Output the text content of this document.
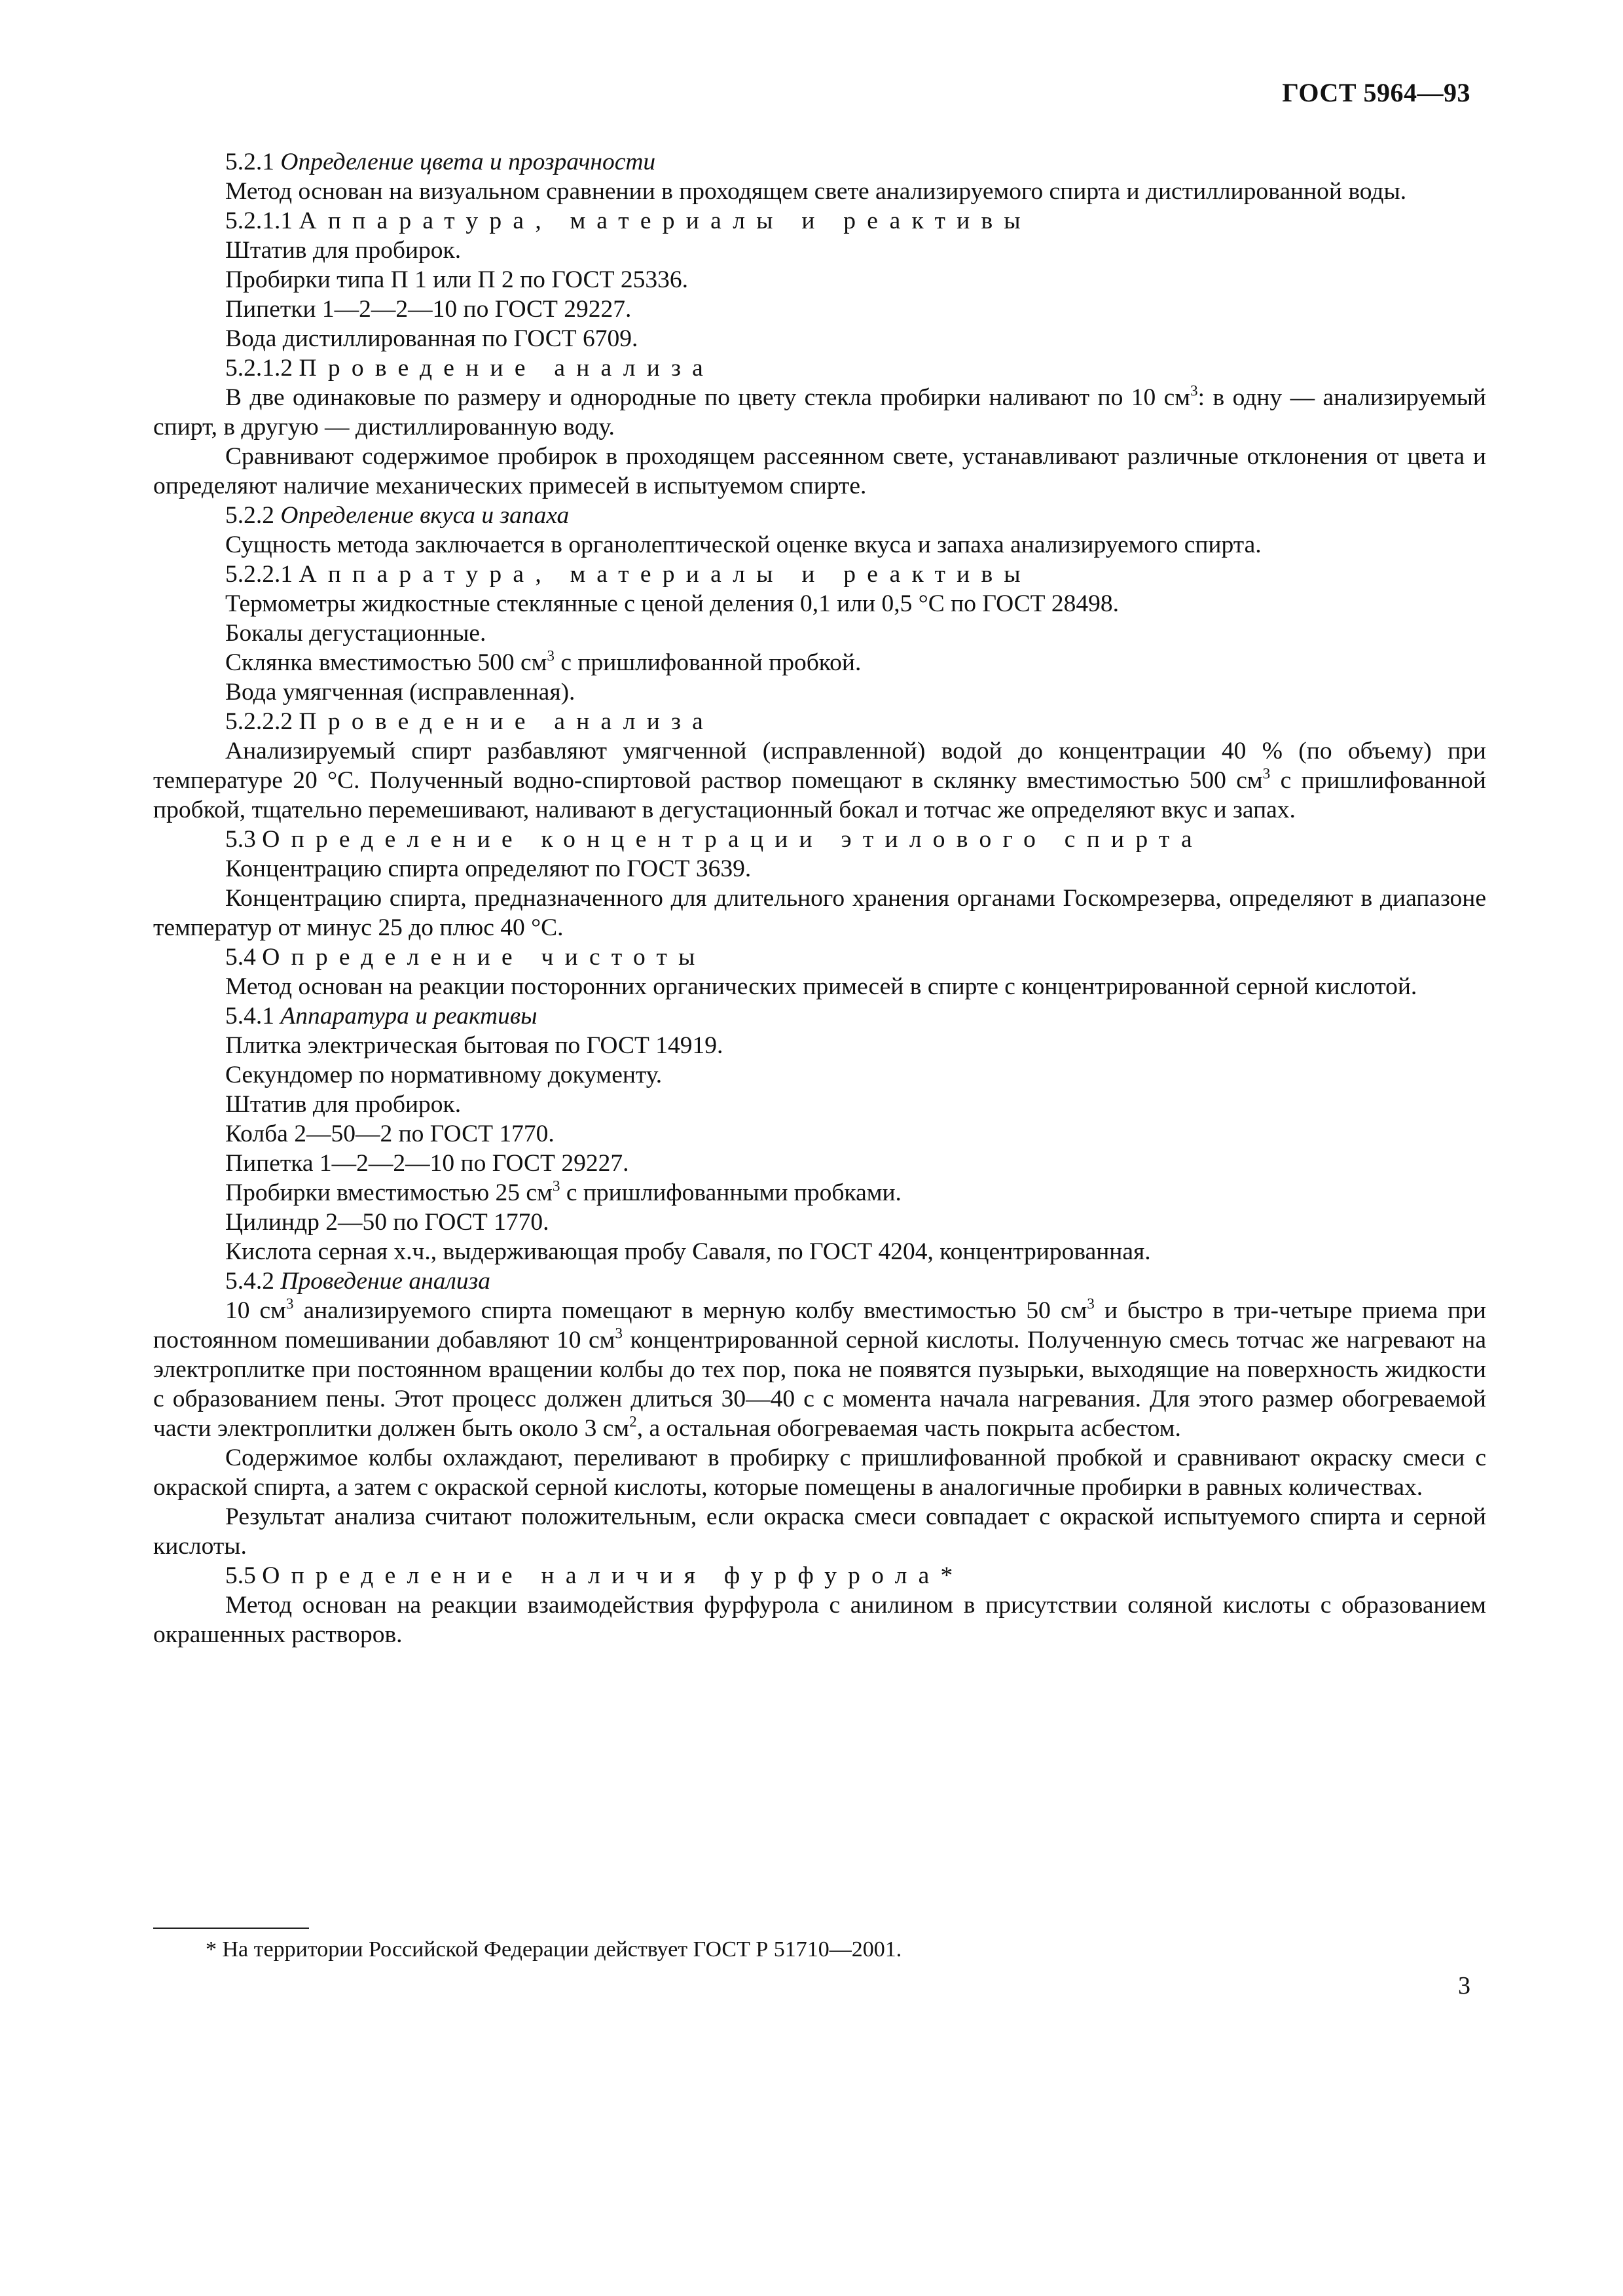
ГОСТ 5964—93

5.2.1 Определение цвета и прозрачности

Метод основан на визуальном сравнении в проходящем свете анализируемого спирта и дистиллированной воды.

5.2.1.1 Аппаратура, материалы и реактивы

Штатив для пробирок.

Пробирки типа П 1 или П 2 по ГОСТ 25336.

Пипетки 1—2—2—10 по ГОСТ 29227.

Вода дистиллированная по ГОСТ 6709.

5.2.1.2 Проведение анализа

В две одинаковые по размеру и однородные по цвету стекла пробирки наливают по 10 $см^3$: в одну — анализируемый спирт, в другую — дистиллированную воду.

Сравнивают содержимое пробирок в проходящем рассеянном свете, устанавливают различные отклонения от цвета и определяют наличие механических примесей в испытуемом спирте.

5.2.2 Определение вкуса и запаха

Сущность метода заключается в органолептической оценке вкуса и запаха анализируемого спирта.

5.2.2.1 Аппаратура, материалы и реактивы

Термометры жидкостные стеклянные с ценой деления 0,1 или 0,5 °С по ГОСТ 28498.

Бокалы дегустационные.

Склянка вместимостью 500 $см^3$ с пришлифованной пробкой.

Вода умягченная (исправленная).

5.2.2.2 Проведение анализа

Анализируемый спирт разбавляют умягченной (исправленной) водой до концентрации 40 % (по объему) при температуре 20 °С. Полученный водно-спиртовой раствор помещают в склянку вместимостью 500 $см^3$ с пришлифованной пробкой, тщательно перемешивают, наливают в дегустационный бокал и тотчас же определяют вкус и запах.

5.3 Определение концентрации этилового спирта

Концентрацию спирта определяют по ГОСТ 3639.

Концентрацию спирта, предназначенного для длительного хранения органами Госкомрезерва, определяют в диапазоне температур от минус 25 до плюс 40 °С.

5.4 Определение чистоты

Метод основан на реакции посторонних органических примесей в спирте с концентрированной серной кислотой.

5.4.1 Аппаратура и реактивы

Плитка электрическая бытовая по ГОСТ 14919.

Секундомер по нормативному документу.

Штатив для пробирок.

Колба 2—50—2 по ГОСТ 1770.

Пипетка 1—2—2—10 по ГОСТ 29227.

Пробирки вместимостью 25 $см^3$ с пришлифованными пробками.

Цилиндр 2—50 по ГОСТ 1770.

Кислота серная х.ч., выдерживающая пробу Саваля, по ГОСТ 4204, концентрированная.

5.4.2 Проведение анализа

10 $см^3$ анализируемого спирта помещают в мерную колбу вместимостью 50 $см^3$ и быстро в три-четыре приема при постоянном помешивании добавляют 10 $см^3$ концентрированной серной кислоты. Полученную смесь тотчас же нагревают на электроплитке при постоянном вращении колбы до тех пор, пока не появятся пузырьки, выходящие на поверхность жидкости с образованием пены. Этот процесс должен длиться 30—40 с с момента начала нагревания. Для этого размер обогреваемой части электроплитки должен быть около 3 $см^2$, а остальная обогреваемая часть покрыта асбестом.

Содержимое колбы охлаждают, переливают в пробирку с пришлифованной пробкой и сравнивают окраску смеси с окраской спирта, а затем с окраской серной кислоты, которые помещены в аналогичные пробирки в равных количествах.

Результат анализа считают положительным, если окраска смеси совпадает с окраской испытуемого спирта и серной кислоты.

5.5 Определение наличия фурфурола*

Метод основан на реакции взаимодействия фурфурола с анилином в присутствии соляной кислоты с образованием окрашенных растворов.

* На территории Российской Федерации действует ГОСТ Р 51710—2001.

3
